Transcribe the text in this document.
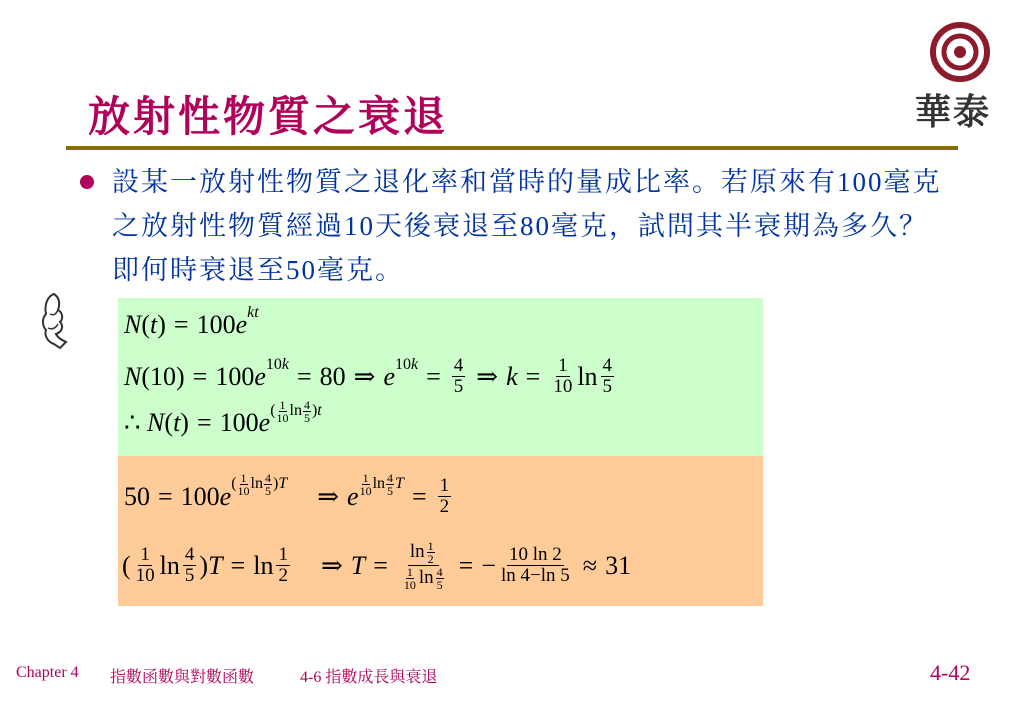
放射性物質之衰退	華泰
設某一放射性物質之退化率和當時的量成比率。若原來有100毫克之放射性物質經過10天後衰退至80毫克，試問其半衰期為多久？即何時衰退至50毫克。
N ( t ) = 100 e kt
N (10) = 100 e 10k = 80 ⇒ e $10k = \frac{4}{5}$ ⇒ $k = \frac{1}{10}$ $\ln \frac{4}{5}$
∴ N ( t ) = 100 e ( $\frac{1}{10}$ $\ln \frac{4}{5} )t$
50 = 100 e ( $\frac{1}{10}$ $\ln \frac{4}{5} )T$ ⇒ e $\frac{1}{10}$ $\ln \frac{4}{5}$ $T = \frac{1}{2}$
( $\frac{1}{10}$ $\ln \frac{4}{5}$ ) $T = \ln \frac{1}{2}$ ⇒ $T = \frac{\ln \frac{1}{2}}{\frac{1}{10} \ln \frac{4}{5}}$ = − $\frac{10 \ln 2}{\ln 4-\ln 5} \approx 31$
Chapter 4 指數函數與對數函數	4-6 指數成長與衰退	4-42
